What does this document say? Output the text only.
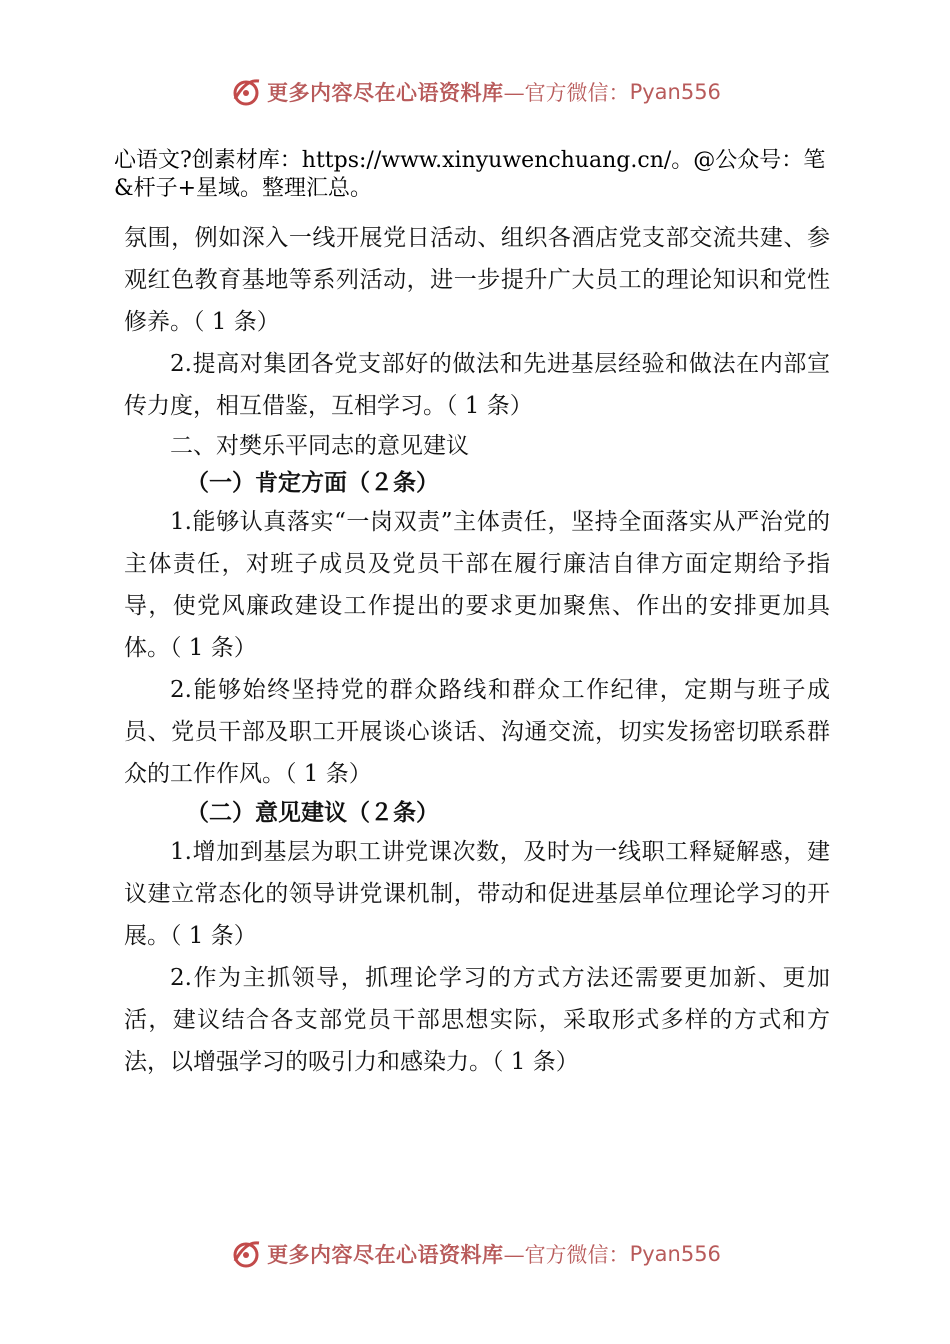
更多内容尽在心语资料库 —官方微信： Pyan556
心语文?创素材库：https://www.xinyuwenchuang.cn/。@公众号：笔&杆子+星域。整理汇总。

氛围，例如深入一线开展党日活动、组织各酒店党支部交流共建、参观红色教育基地等系列活动，进一步提升广大员工的理论知识和党性修养。（ 1 条）

2.提高对集团各党支部好的做法和先进基层经验和做法在内部宣传力度，相互借鉴，互相学习。（ 1 条）

二、对樊乐平同志的意见建议

（一）肯定方面（２条）

1.能够认真落实“一岗双责”主体责任，坚持全面落实从严治党的主体责任，对班子成员及党员干部在履行廉洁自律方面定期给予指导，使党风廉政建设工作提出的要求更加聚焦、作出的安排更加具体。（ 1 条）

2.能够始终坚持党的群众路线和群众工作纪律，定期与班子成员、党员干部及职工开展谈心谈话、沟通交流，切实发扬密切联系群众的工作作风。（ 1 条）

（二）意见建议（２条）

1.增加到基层为职工讲党课次数，及时为一线职工释疑解惑，建议建立常态化的领导讲党课机制，带动和促进基层单位理论学习的开展。（ 1 条）

2.作为主抓领导，抓理论学习的方式方法还需要更加新、更加活，建议结合各支部党员干部思想实际，采取形式多样的方式和方法，以增强学习的吸引力和感染力。（ 1 条）

更多内容尽在心语资料库 —官方微信： Pyan556
